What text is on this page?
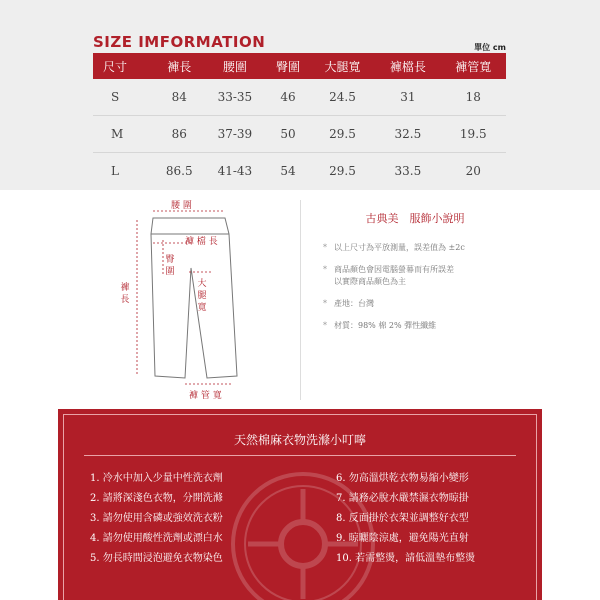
SIZE IMFORMATION	單位 cm
尺寸	褲長	腰圍	臀圍	大腿寬	褲檔長	褲管寬
S	84	33-35	46	24.5	31	18
M	86	37-39	50	29.5	32.5	19.5
L	86.5	41-43	54	29.5	33.5	20
腰 圍
褲 檔 長
臀圍
大腿寬
褲長
褲 管 寬
古典美　服飾小說明
* 以上尺寸為平放測量，誤差值為 ±2c
* 商品顏色會因電腦螢幕而有所誤差
以實際商品顏色為主
* 產地：台灣
* 材質：98% 棉 2% 彈性纖維
天然棉麻衣物洗滌小叮嚀
1. 冷水中加入少量中性洗衣劑
2. 請將深淺色衣物，分開洗滌
3. 請勿使用含磷或強效洗衣粉
4. 請勿使用酸性洗劑或漂白水
5. 勿長時間浸泡避免衣物染色
6. 勿高溫烘乾衣物易縮小變形
7. 請務必脫水嚴禁濕衣物晾掛
8. 反面掛於衣架並調整好衣型
9. 晾曬陰涼處，避免陽光直射
10. 若需整燙，請低溫墊布整燙
